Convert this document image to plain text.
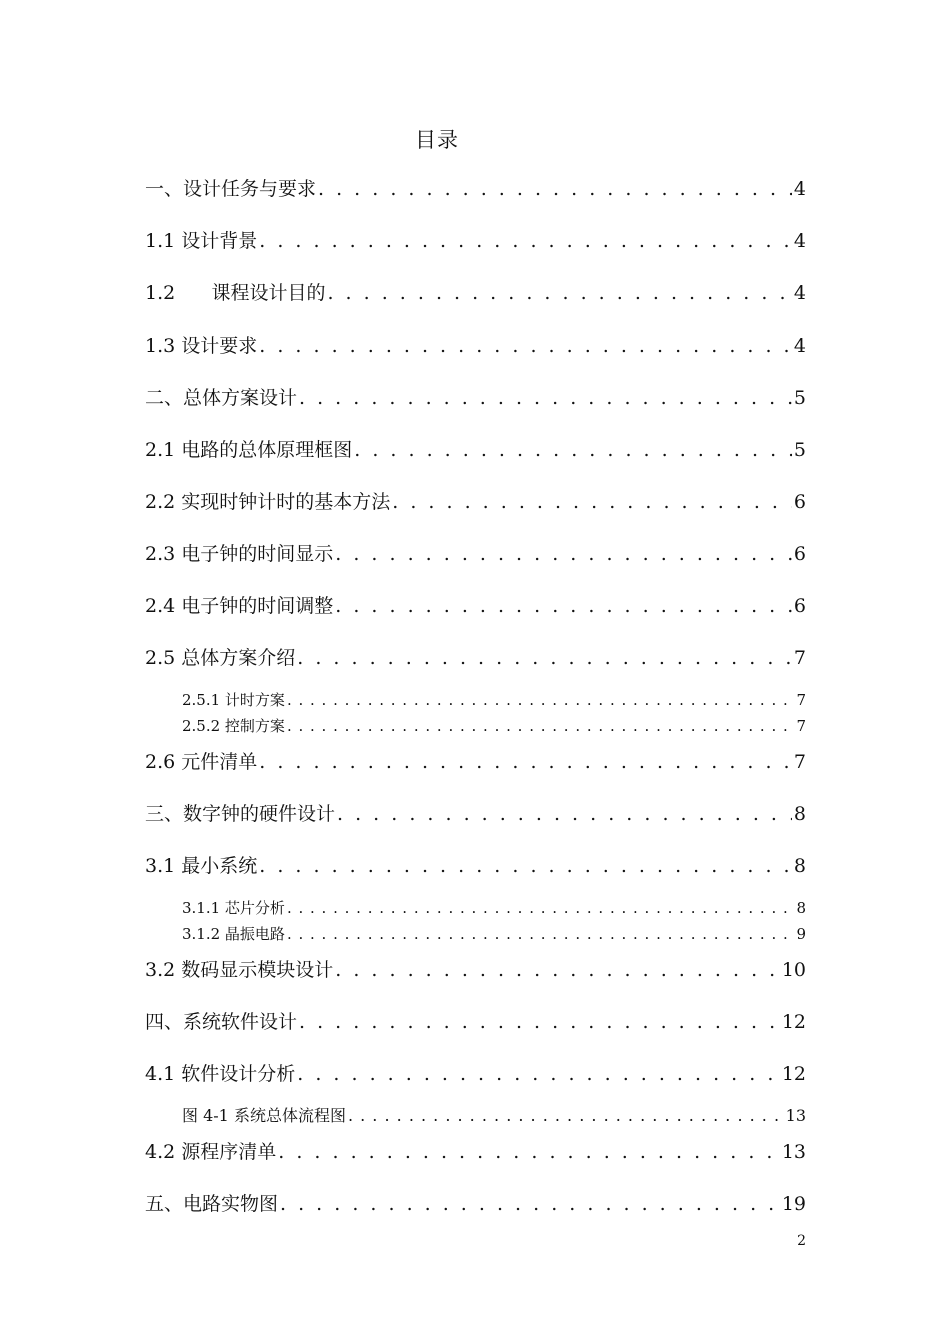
目录
一、设计任务与要求 . . .	4
1.1 设计背景 . . .	4
1.2      课程设计目的 . . .	4
1.3 设计要求 . . .	4
二、总体方案设计 . . .	5
2.1 电路的总体原理框图 . . .	5
2.2 实现时钟计时的基本方法 . . .	6
2.3 电子钟的时间显示 . . .	6
2.4 电子钟的时间调整 . . .	6
2.5 总体方案介绍 . . .	7
2.5.1 计时方案 . . .	7
2.5.2 控制方案 . . .	7
2.6 元件清单 . . .	7
三、数字钟的硬件设计 . . .	8
3.1 最小系统 . . .	8
3.1.1 芯片分析 . . .	8
3.1.2 晶振电路 . . .	9
3.2 数码显示模块设计 . . .	10
四、系统软件设计 . . .	12
4.1 软件设计分析 . . .	12
图 4-1 系统总体流程图 . . .	13
4.2 源程序清单 . . .	13
五、电路实物图 . . .	19
2
